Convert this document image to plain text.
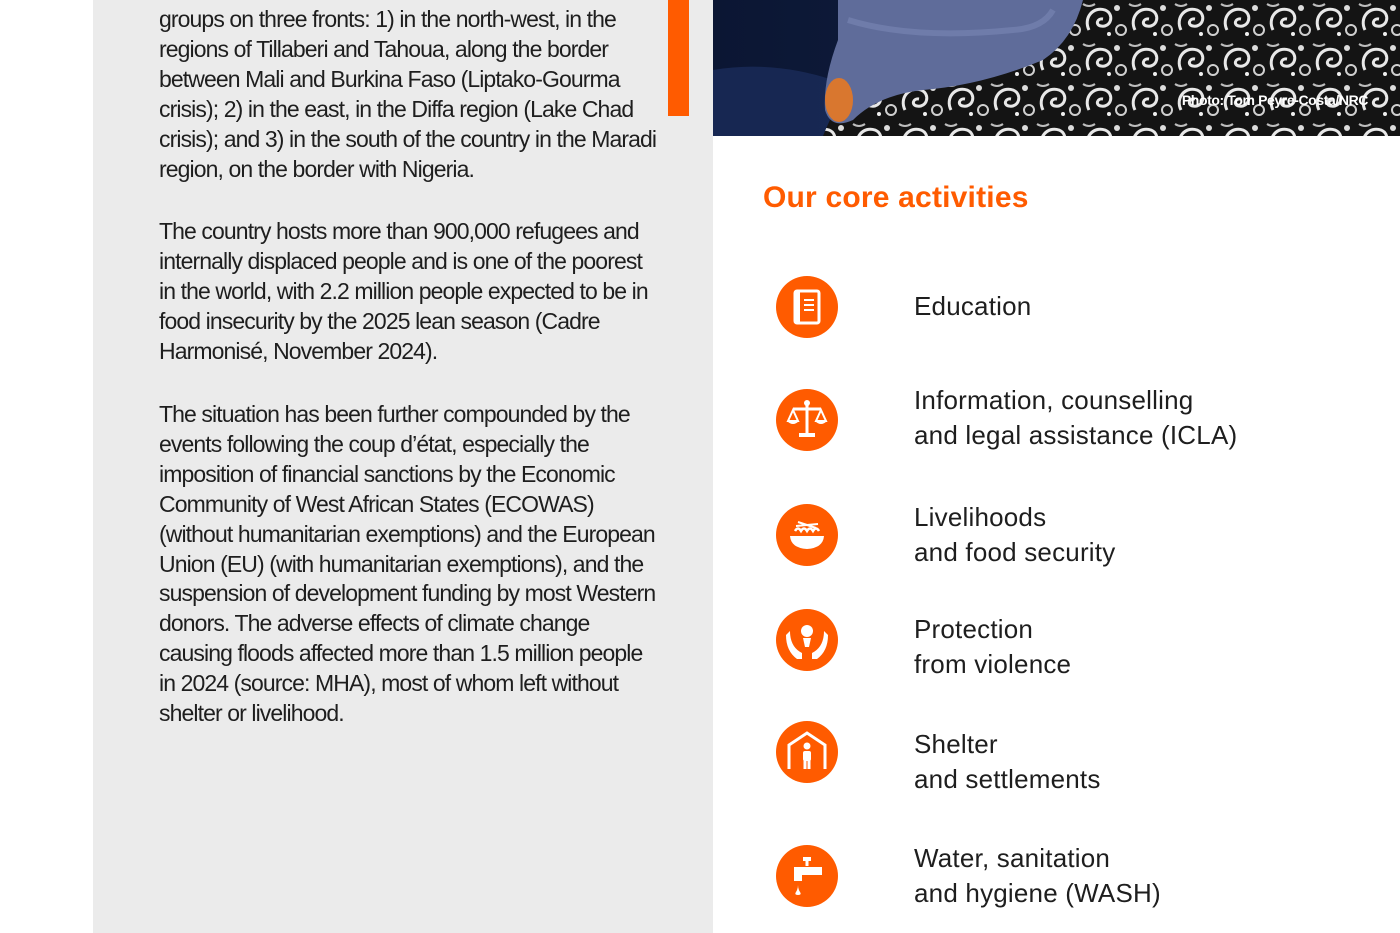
groups on three fronts: 1) in the north-west, in the regions of Tillaberi and Tahoua, along the border between Mali and Burkina Faso (Liptako-Gourma crisis); 2) in the east, in the Diffa region (Lake Chad crisis); and 3) in the south of the country in the Maradi region, on the border with Nigeria.

The country hosts more than 900,000 refugees and internally displaced people and is one of the poorest in the world, with 2.2 million people expected to be in food insecurity by the 2025 lean season (Cadre Harmonisé, November 2024).

The situation has been further compounded by the events following the coup d’état, especially the imposition of financial sanctions by the Economic Community of West African States (ECOWAS) (without humanitarian exemptions) and the European Union (EU) (with humanitarian exemptions), and the suspension of development funding by most Western donors. The adverse effects of climate change causing floods affected more than 1.5 million people in 2024 (source: MHA), most of whom left without shelter or livelihood.

Photo: Tom Peyre-Costa/NRC
Our core activities
Education
Information, counselling
and legal assistance (ICLA)
Livelihoods
and food security
Protection
from violence
Shelter
and settlements
Water, sanitation
and hygiene (WASH)
